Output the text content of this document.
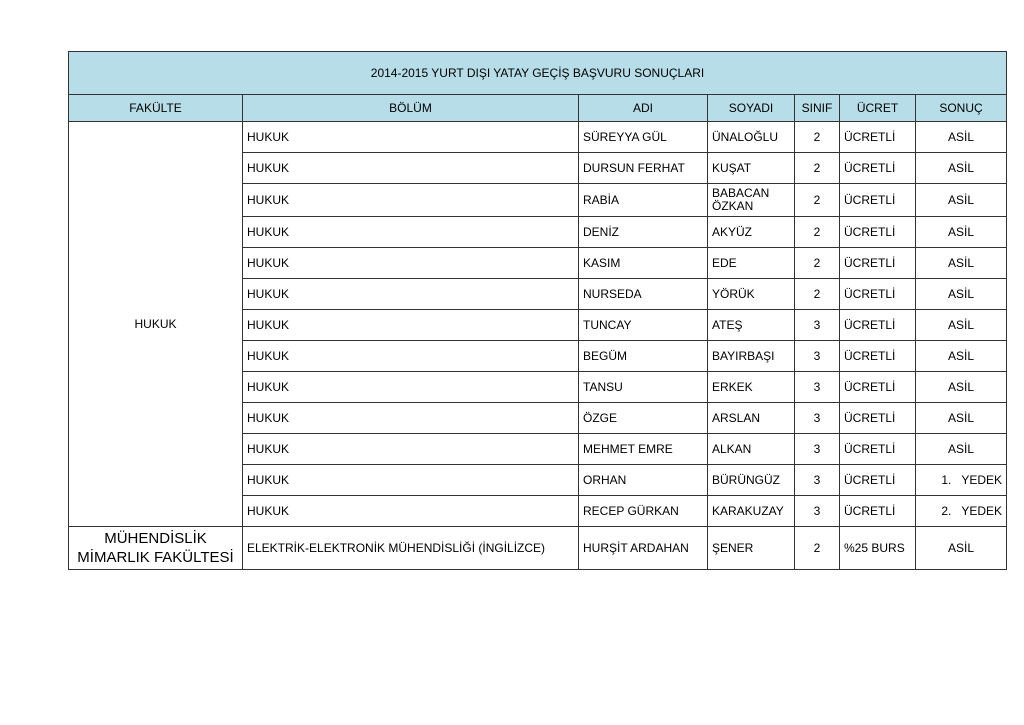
2014-2015 YURT DIŞI YATAY GEÇİŞ BAŞVURU SONUÇLARI						
FAKÜLTE	BÖLÜM	ADI	SOYADI	SINIF	ÜCRET	SONUÇ
HUKUK	HUKUK	SÜREYYA GÜL	ÜNALOĞLU	2	ÜCRETLİ	ASİL
	HUKUK	DURSUN FERHAT	KUŞAT	2	ÜCRETLİ	ASİL
	HUKUK	RABİA	BABACAN ÖZKAN	2	ÜCRETLİ	ASİL
	HUKUK	DENİZ	AKYÜZ	2	ÜCRETLİ	ASİL
	HUKUK	KASIM	EDE	2	ÜCRETLİ	ASİL
	HUKUK	NURSEDA	YÖRÜK	2	ÜCRETLİ	ASİL
	HUKUK	TUNCAY	ATEŞ	3	ÜCRETLİ	ASİL
	HUKUK	BEGÜM	BAYIRBAŞI	3	ÜCRETLİ	ASİL
	HUKUK	TANSU	ERKEK	3	ÜCRETLİ	ASİL
	HUKUK	ÖZGE	ARSLAN	3	ÜCRETLİ	ASİL
	HUKUK	MEHMET EMRE	ALKAN	3	ÜCRETLİ	ASİL
	HUKUK	ORHAN	BÜRÜNGÜZ	3	ÜCRETLİ	1. YEDEK
	HUKUK	RECEP GÜRKAN	KARAKUZAY	3	ÜCRETLİ	2. YEDEK
MÜHENDİSLİK
MİMARLIK FAKÜLTESİ	ELEKTRİK-ELEKTRONİK MÜHENDİSLİĞİ (İNGİLİZCE)	HURŞİT ARDAHAN	ŞENER	2	%25 BURS	ASİL
